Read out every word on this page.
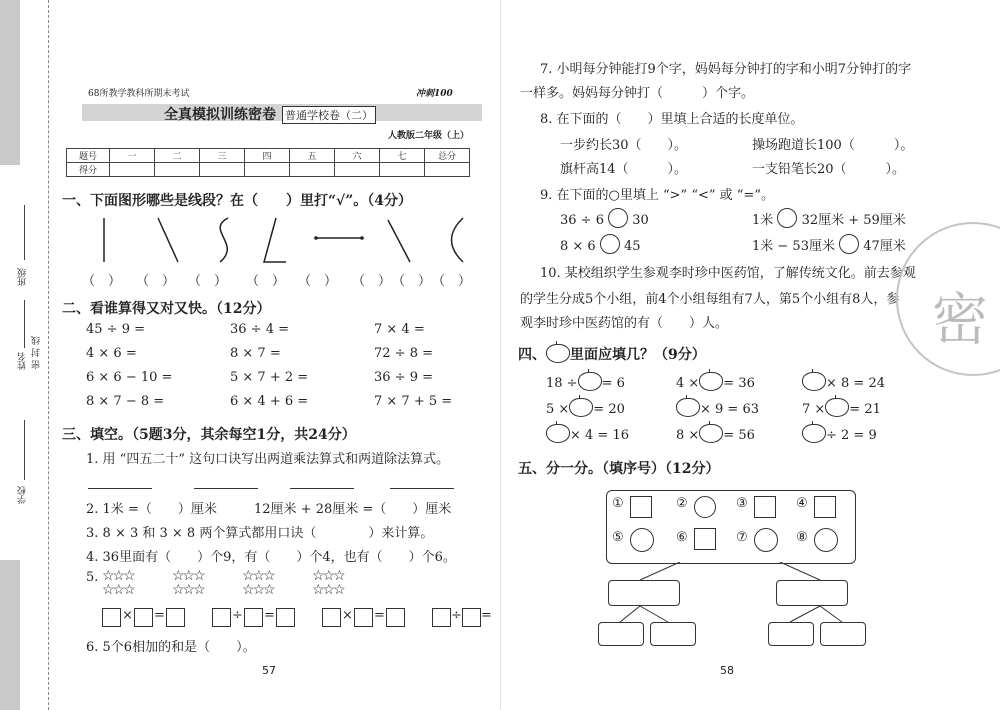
班级
姓名 密 封 线
学校
68所教学教科所期末考试	冲刺100
全真模拟训练密卷 普通学校卷（二）
人教版二年级（上）
题号	一	二	三	四	五	六	七	总分
得分								
一、下面图形哪些是线段？在（　　）里打“√”。（4分）
（　） （　） （　） （　） （　） （　） （　） （　）
二、看谁算得又对又快。（12分）
45 ÷ 9 =	36 ÷ 4 =	7 × 4 =
4 × 6 =	8 × 7 =	72 ÷ 8 =
6 × 6 − 10 =	5 × 7 + 2 =	36 ÷ 9 =
8 × 7 − 8 =	6 × 4 + 6 =	7 × 7 + 5 =
三、填空。（5题3分，其余每空1分，共24分）
1. 用 “四五二十” 这句口诀写出两道乘法算式和两道除法算式。
2. 1米 =（　　）厘米	12厘米 + 28厘米 =（　　）厘米
3. 8 × 3 和 3 × 8 两个算式都用口诀（　　　　）来计算。
4. 36里面有（　　）个9，有（　　）个4，也有（　　）个6。
5. ☆☆☆
☆☆☆
☆☆☆
☆☆☆
☆☆☆
☆☆☆
☆☆☆
☆☆☆
× =	÷ =	× =	÷ =
6. 5个6相加的和是（　　）。
57
7. 小明每分钟能打9个字，妈妈每分钟打的字和小明7分钟打的字
一样多。妈妈每分钟打（　　　）个字。
8. 在下面的（　　）里填上合适的长度单位。
一步约长30（　　）。	操场跑道长100（　　　）。
旗杆高14（　　　）。	一支铅笔长20（　　　）。
9. 在下面的○里填上 “>” “<” 或 “=”。
36 ÷ 6 30	1米 32厘米 + 59厘米
8 × 6 45	1米 − 53厘米 47厘米
10. 某校组织学生参观李时珍中医药馆，了解传统文化。前去参观
的学生分成5个小组，前4个小组每组有7人，第5个小组有8人，参
观李时珍中医药馆的有（　　）人。
四、 里面应填几？（9分）
18 ÷ = 6	4 × = 36	× 8 = 24
5 × = 20	× 9 = 63	7 × = 21
× 4 = 16	8 × = 56	÷ 2 = 9
五、分一分。（填序号）（12分）
①	②	③	④
⑤	⑥	⑦	⑧
58
密
